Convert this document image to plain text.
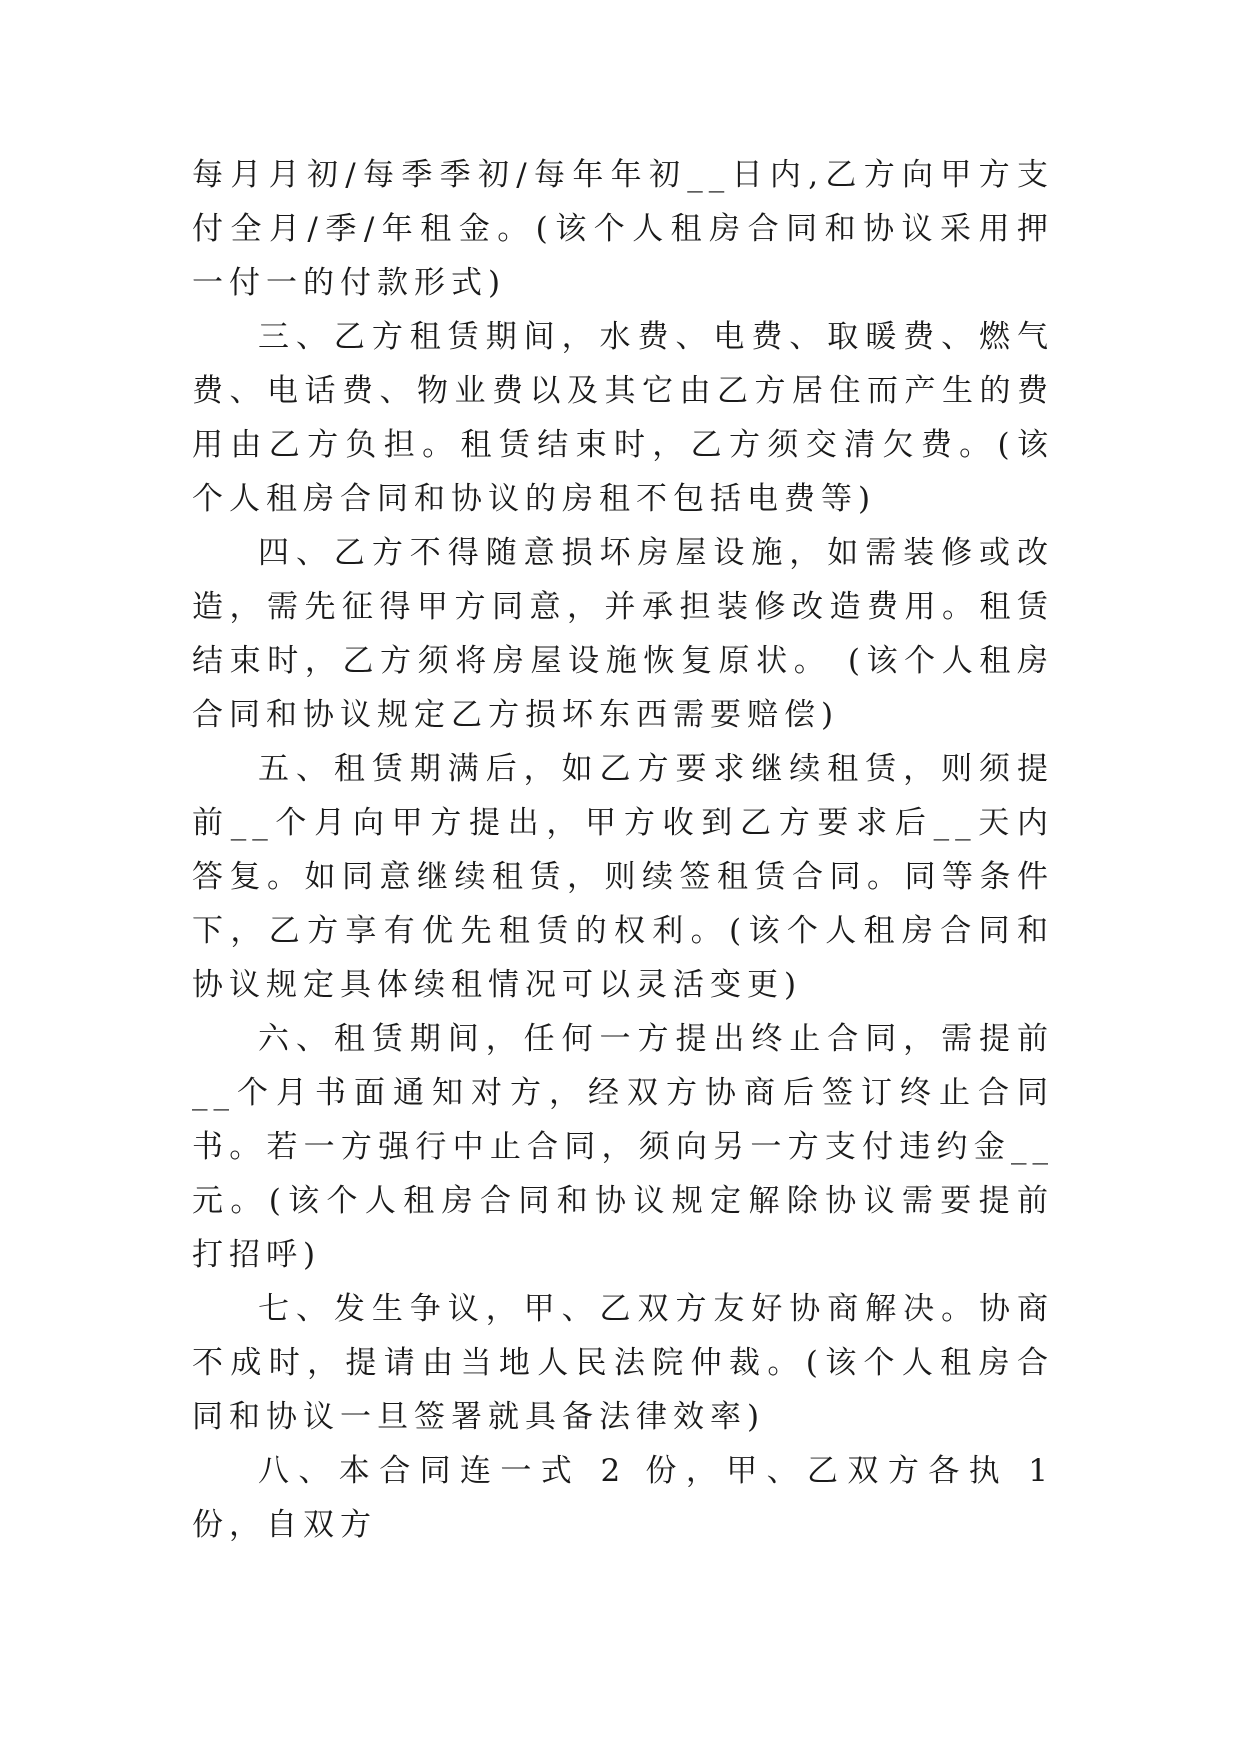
每月月初/每季季初/每年年初__日内,乙方向甲方支付全月/季/年租金。(该个人租房合同和协议采用押一付一的付款形式)

三、乙方租赁期间，水费、电费、取暖费、燃气费、电话费、物业费以及其它由乙方居住而产生的费用由乙方负担。租赁结束时，乙方须交清欠费。(该个人租房合同和协议的房租不包括电费等)

四、乙方不得随意损坏房屋设施，如需装修或改造，需先征得甲方同意，并承担装修改造费用。租赁结束时，乙方须将房屋设施恢复原状。 (该个人租房合同和协议规定乙方损坏东西需要赔偿)

五、租赁期满后，如乙方要求继续租赁，则须提前__个月向甲方提出，甲方收到乙方要求后__天内答复。如同意继续租赁，则续签租赁合同。同等条件下，乙方享有优先租赁的权利。(该个人租房合同和协议规定具体续租情况可以灵活变更)

六、租赁期间，任何一方提出终止合同，需提前__个月书面通知对方，经双方协商后签订终止合同书。若一方强行中止合同，须向另一方支付违约金__元。(该个人租房合同和协议规定解除协议需要提前打招呼)

七、发生争议，甲、乙双方友好协商解决。协商不成时，提请由当地人民法院仲裁。(该个人租房合同和协议一旦签署就具备法律效率)

八、本合同连一式 2 份，甲、乙双方各执 1 份，自双方
